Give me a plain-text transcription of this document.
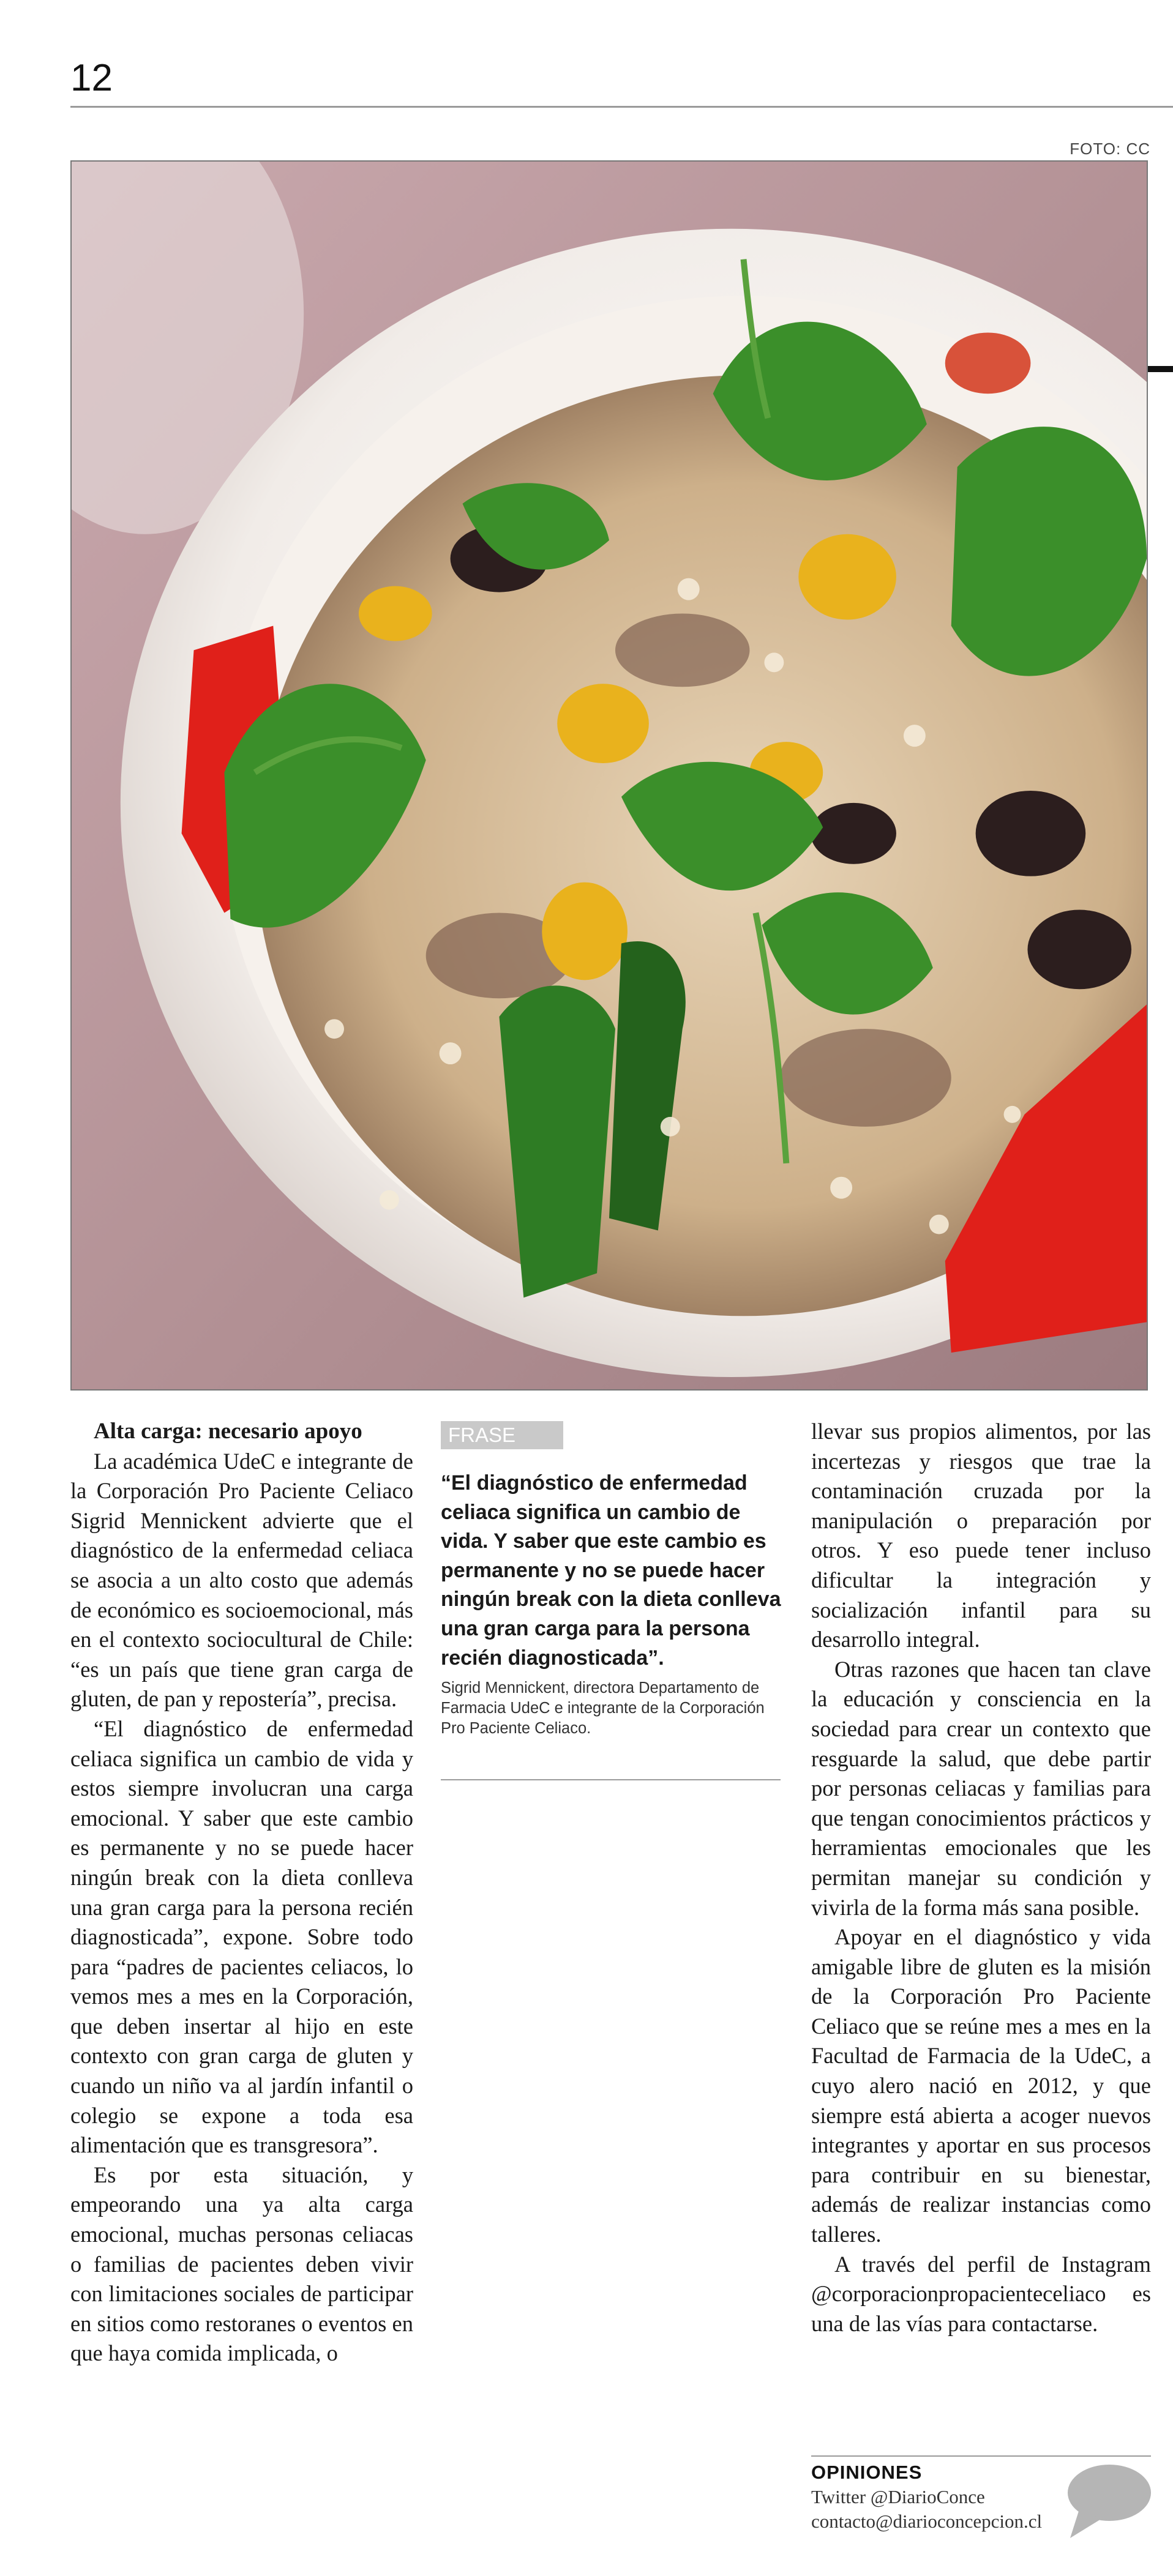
12
FOTO: CC

Alta carga: necesario apoyo

La académica UdeC e integrante de la Corporación Pro Paciente Celiaco Sigrid Mennickent advierte que el diagnóstico de la enfermedad celiaca se asocia a un alto costo que además de económico es socioemocional, más en el contexto sociocultural de Chile: “es un país que tiene gran carga de gluten, de pan y repostería”, precisa.

“El diagnóstico de enfermedad celiaca significa un cambio de vida y estos siempre involucran una carga emocional. Y saber que este cambio es permanente y no se puede hacer ningún break con la dieta conlleva una gran carga para la persona recién diagnosticada”, expone. Sobre todo para “padres de pacientes celiacos, lo vemos mes a mes en la Corporación, que deben insertar al hijo en este contexto con gran carga de gluten y cuando un niño va al jardín infantil o colegio se expone a toda esa alimentación que es transgresora”.

Es por esta situación, y empeorando una ya alta carga emocional, muchas personas celiacas o familias de pacientes deben vivir con limitaciones sociales de participar en sitios como restoranes o eventos en que haya comida implicada, o

FRASE

“El diagnóstico de enfermedad celiaca significa un cambio de vida. Y saber que este cambio es permanente y no se puede hacer ningún break con la dieta conlleva una gran carga para la persona recién diagnosticada”.

Sigrid Mennickent, directora Departamento de Farmacia UdeC e integrante de la Corporación Pro Paciente Celiaco.

llevar sus propios alimentos, por las incertezas y riesgos que trae la contaminación cruzada por la manipulación o preparación por otros. Y eso puede tener incluso dificultar la integración y socialización infantil para su desarrollo integral.

Otras razones que hacen tan clave la educación y consciencia en la sociedad para crear un contexto que resguarde la salud, que debe partir por personas celiacas y familias para que tengan conocimientos prácticos y herramientas emocionales que les permitan manejar su condición y vivirla de la forma más sana posible.

Apoyar en el diagnóstico y vida amigable libre de gluten es la misión de la Corporación Pro Paciente Celiaco que se reúne mes a mes en la Facultad de Farmacia de la UdeC, a cuyo alero nació en 2012, y que siempre está abierta a acoger nuevos integrantes y aportar en sus procesos para contribuir en su bienestar, además de realizar instancias como talleres.

A través del perfil de Instagram @corporacionpropacienteceliaco es una de las vías para contactarse.

OPINIONES
Twitter @DiarioConce
contacto@diarioconcepcion.cl
